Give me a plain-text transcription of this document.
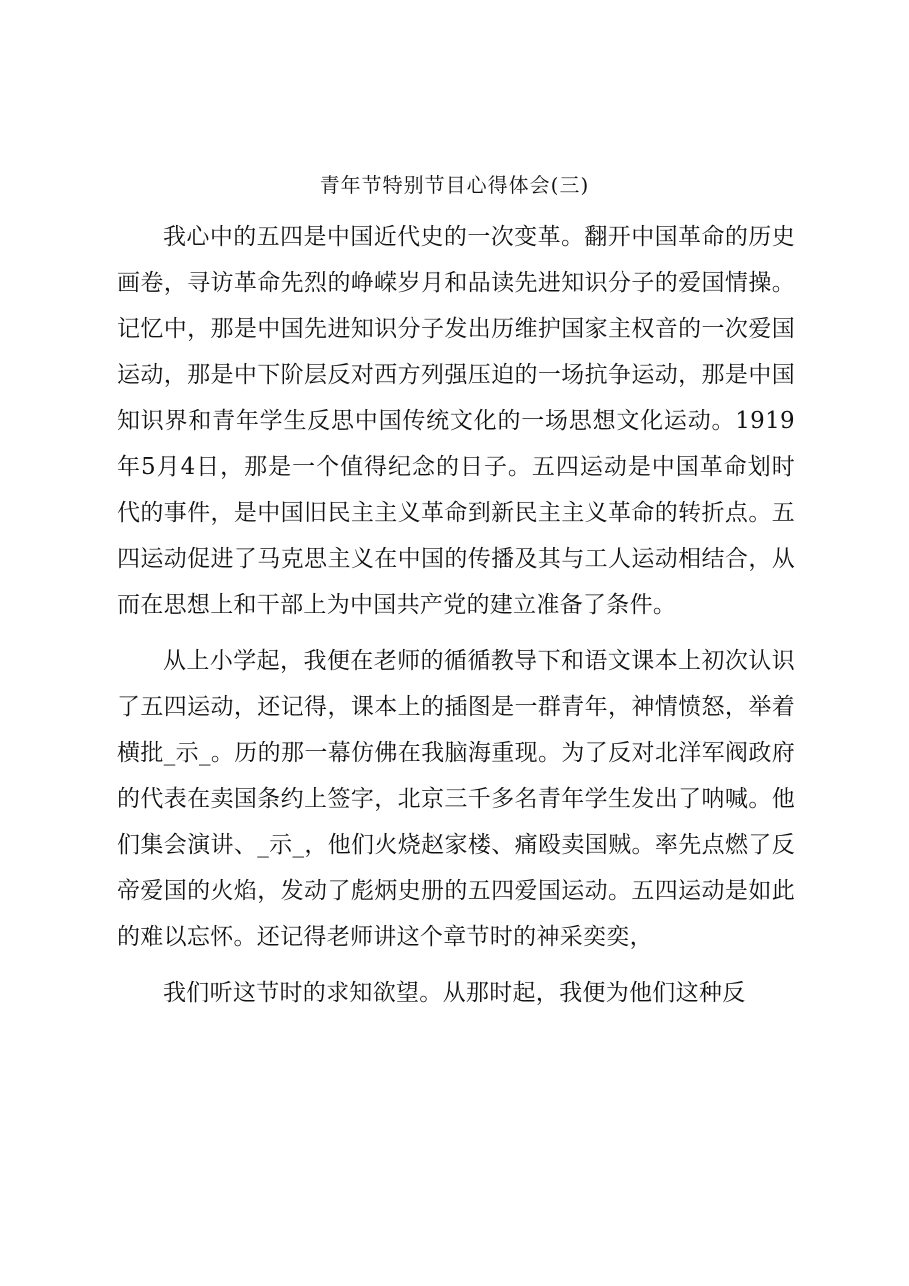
青年节特别节目心得体会(三)

我心中的五四是中国近代史的一次变革。翻开中国革命的历史画卷，寻访革命先烈的峥嵘岁月和品读先进知识分子的爱国情操。记忆中，那是中国先进知识分子发出历维护国家主权音的一次爱国运动，那是中下阶层反对西方列强压迫的一场抗争运动，那是中国知识界和青年学生反思中国传统文化的一场思想文化运动。1919年5月4日，那是一个值得纪念的日子。五四运动是中国革命划时代的事件，是中国旧民主主义革命到新民主主义革命的转折点。五四运动促进了马克思主义在中国的传播及其与工人运动相结合，从而在思想上和干部上为中国共产党的建立准备了条件。

从上小学起，我便在老师的循循教导下和语文课本上初次认识了五四运动，还记得，课本上的插图是一群青年，神情愤怒，举着横批_示_。历的那一幕仿佛在我脑海重现。为了反对北洋军阀政府的代表在卖国条约上签字，北京三千多名青年学生发出了呐喊。他们集会演讲、_示_，他们火烧赵家楼、痛殴卖国贼。率先点燃了反帝爱国的火焰，发动了彪炳史册的五四爱国运动。五四运动是如此的难以忘怀。还记得老师讲这个章节时的神采奕奕，

我们听这节时的求知欲望。从那时起，我便为他们这种反
